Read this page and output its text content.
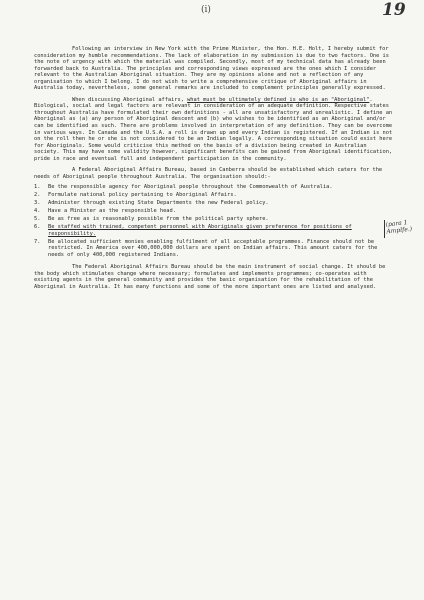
(i)	19
(para 1
Amplfe.)

Following an interview in New York with the Prime Minister, the Hon. H.E. Holt, I hereby submit for consideration my humble recommendations. The lack of elaboration in my submission is due to two factors. One is the note of urgency with which the material was compiled. Secondly, most of my technical data has already been forwarded back to Australia. The principles and corresponding views expressed are the ones which I consider relevant to the Australian Aboriginal situation. They are my opinions alone and not a reflection of any organisation to which I belong. I do not wish to write a comprehensive critique of Aboriginal affairs in Australia today, nevertheless, some general remarks are included to complement principles generally expressed.

When discussing Aboriginal affairs, what must be ultimately defined is who is an "Aboriginal". Biological, social and legal factors are relevant in consideration of an adequate definition. Respective states throughout Australia have formulated their own definitions - all are unsatisfactory and unrealistic. I define an Aboriginal as (a) any person of Aboriginal descent and (b) who wishes to be identified as an Aboriginal and/or can be identified as such. There are problems involved in interpretation of any definition. They can be overcome in various ways. In Canada and the U.S.A. a roll is drawn up and every Indian is registered. If an Indian is not on the roll then he or she is not considered to be an Indian legally. A corresponding situation could exist here for Aboriginals. Some would criticise this method on the basis of a division being created in Australian society. This may have some validity however, significant benefits can be gained from Aboriginal identification, pride in race and eventual full and independent participation in the community.

A Federal Aboriginal Affairs Bureau, based in Canberra should be established which caters for the needs of Aboriginal people throughout Australia. The organisation should:-

1.	Be the responsible agency for Aboriginal people throughout the Commonwealth of Australia.
2.	Formulate national policy pertaining to Aboriginal Affairs.
3.	Administer through existing State Departments the new Federal policy.
4.	Have a Minister as the responsible head.
5.	Be as free as is reasonably possible from the political party sphere.
6.	Be staffed with trained, competent personnel with Aboriginals given preference for positions of responsibility.
7.	Be allocated sufficient monies enabling fulfilment of all acceptable programmes. Finance should not be restricted. In America over 400,000,000 dollars are spent on Indian affairs. This amount caters for the needs of only 400,000 registered Indians.

The Federal Aboriginal Affairs Bureau should be the main instrument of social change. It should be the body which stimulates change where necessary; formulates and implements programmes; co-operates with existing agents in the general community and provides the basic organisation for the rehabilitation of the Aboriginal in Australia. It has many functions and some of the more important ones are listed and analysed.
